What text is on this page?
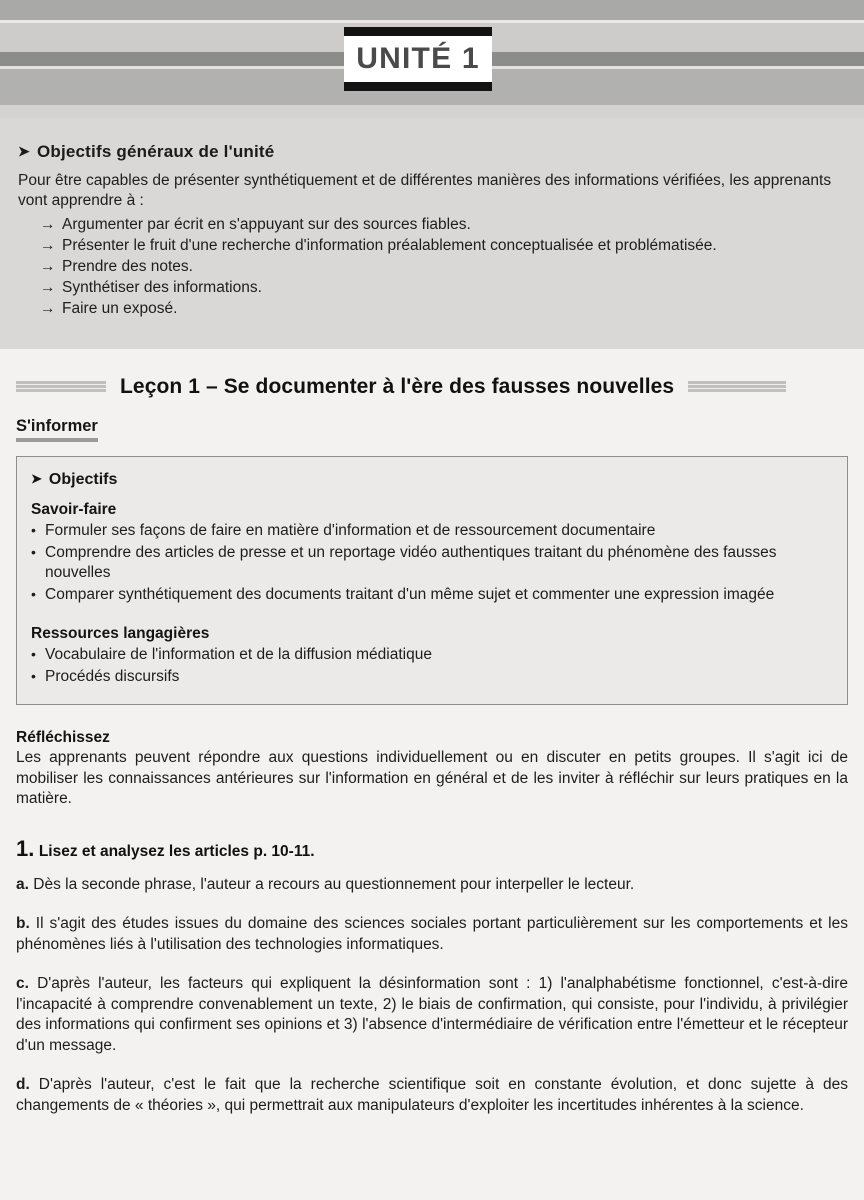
UNITÉ 1
➤ Objectifs généraux de l'unité

Pour être capables de présenter synthétiquement et de différentes manières des informations vérifiées, les apprenants vont apprendre à :

→ Argumenter par écrit en s'appuyant sur des sources fiables.
→ Présenter le fruit d'une recherche d'information préalablement conceptualisée et problématisée.
→ Prendre des notes.
→ Synthétiser des informations.
→ Faire un exposé.
Leçon 1 – Se documenter à l'ère des fausses nouvelles
S'informer
➤ Objectifs
Savoir-faire
• Formuler ses façons de faire en matière d'information et de ressourcement documentaire
• Comprendre des articles de presse et un reportage vidéo authentiques traitant du phénomène des fausses nouvelles
• Comparer synthétiquement des documents traitant d'un même sujet et commenter une expression imagée
Ressources langagières
• Vocabulaire de l'information et de la diffusion médiatique
• Procédés discursifs
Réfléchissez

Les apprenants peuvent répondre aux questions individuellement ou en discuter en petits groupes. Il s'agit ici de mobiliser les connaissances antérieures sur l'information en général et de les inviter à réfléchir sur leurs pratiques en la matière.

1. Lisez et analysez les articles p. 10-11.

a. Dès la seconde phrase, l'auteur a recours au questionnement pour interpeller le lecteur.

b. Il s'agit des études issues du domaine des sciences sociales portant particulièrement sur les comportements et les phénomènes liés à l'utilisation des technologies informatiques.

c. D'après l'auteur, les facteurs qui expliquent la désinformation sont : 1) l'analphabétisme fonctionnel, c'est-à-dire l'incapacité à comprendre convenablement un texte, 2) le biais de confirmation, qui consiste, pour l'individu, à privilégier des informations qui confirment ses opinions et 3) l'absence d'intermédiaire de vérification entre l'émetteur et le récepteur d'un message.

d. D'après l'auteur, c'est le fait que la recherche scientifique soit en constante évolution, et donc sujette à des changements de « théories », qui permettrait aux manipulateurs d'exploiter les incertitudes inhérentes à la science.
